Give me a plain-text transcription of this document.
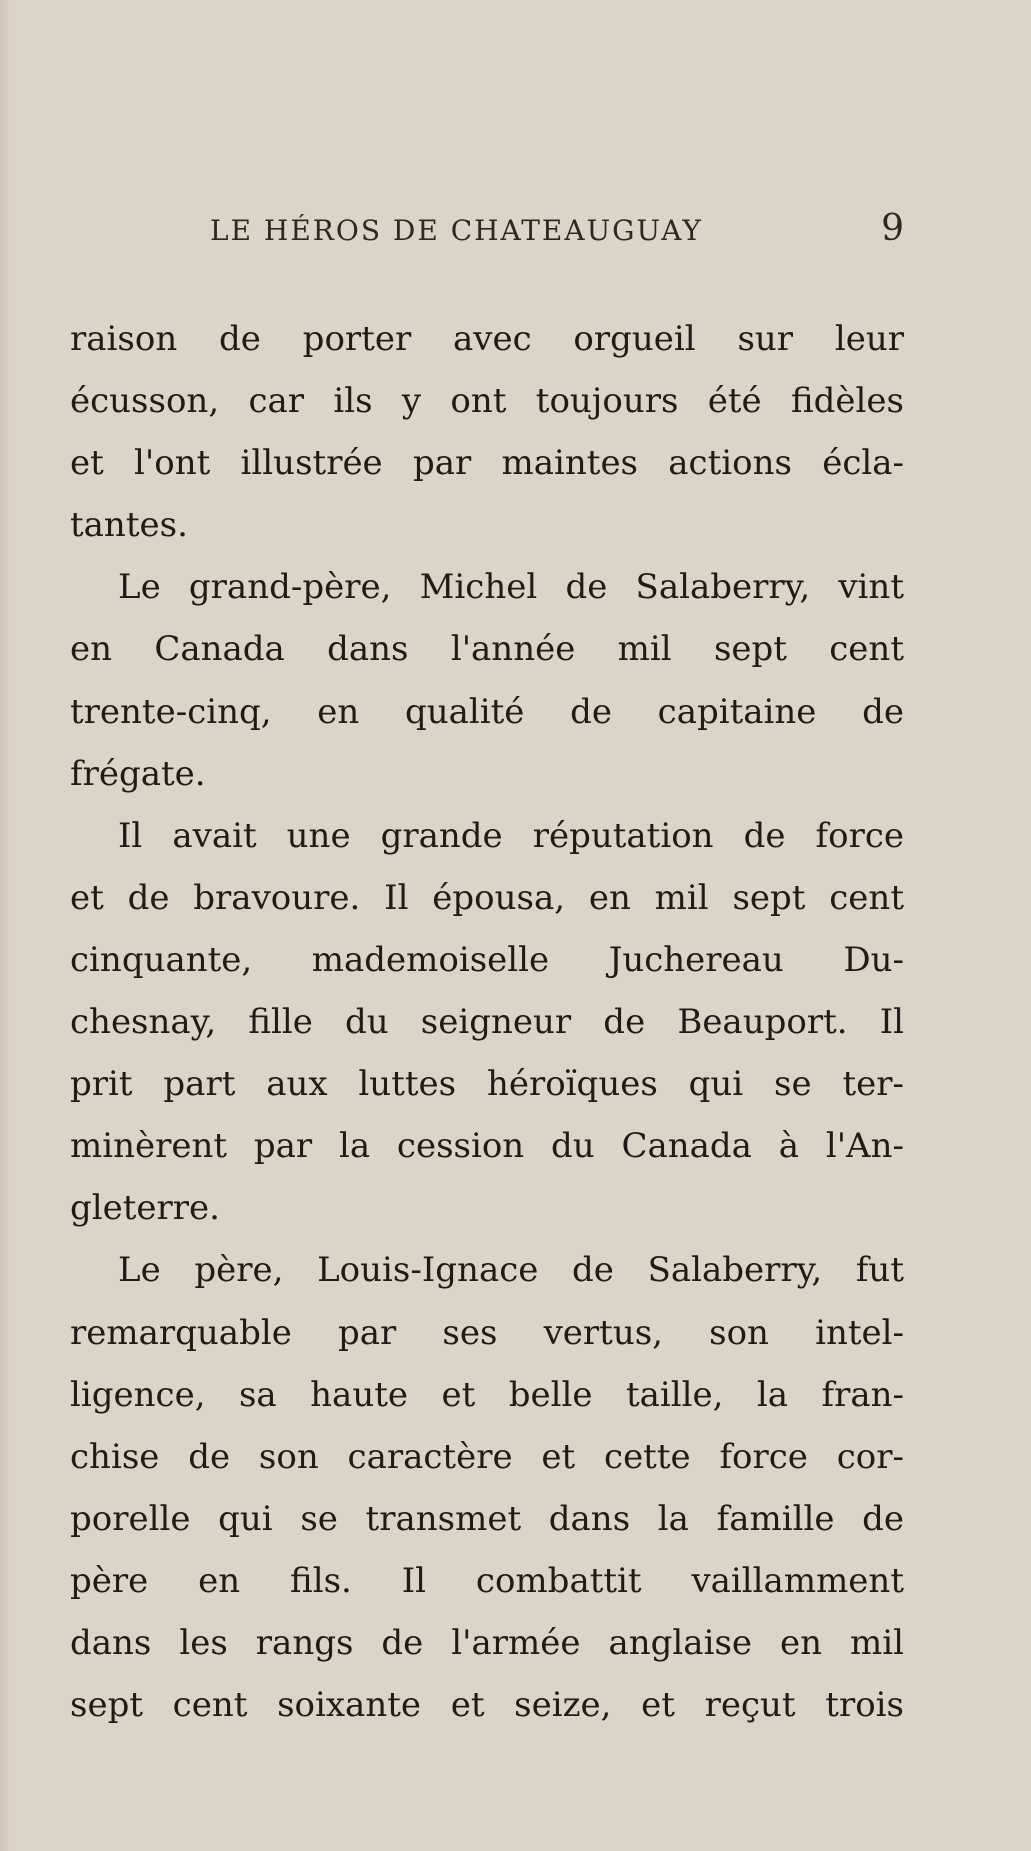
LE HÉROS DE CHATEAUGUAY	9
raison de porter avec orgueil sur leur
écusson, car ils y ont toujours été fidèles
et l'ont illustrée par maintes actions écla-
tantes.
Le grand-père, Michel de Salaberry, vint
en Canada dans l'année mil sept cent
trente-cinq, en qualité de capitaine de
frégate.
Il avait une grande réputation de force
et de bravoure. Il épousa, en mil sept cent
cinquante, mademoiselle Juchereau Du-
chesnay, fille du seigneur de Beauport. Il
prit part aux luttes héroïques qui se ter-
minèrent par la cession du Canada à l'An-
gleterre.
Le père, Louis-Ignace de Salaberry, fut
remarquable par ses vertus, son intel-
ligence, sa haute et belle taille, la fran-
chise de son caractère et cette force cor-
porelle qui se transmet dans la famille de
père en fils. Il combattit vaillamment
dans les rangs de l'armée anglaise en mil
sept cent soixante et seize, et reçut trois
